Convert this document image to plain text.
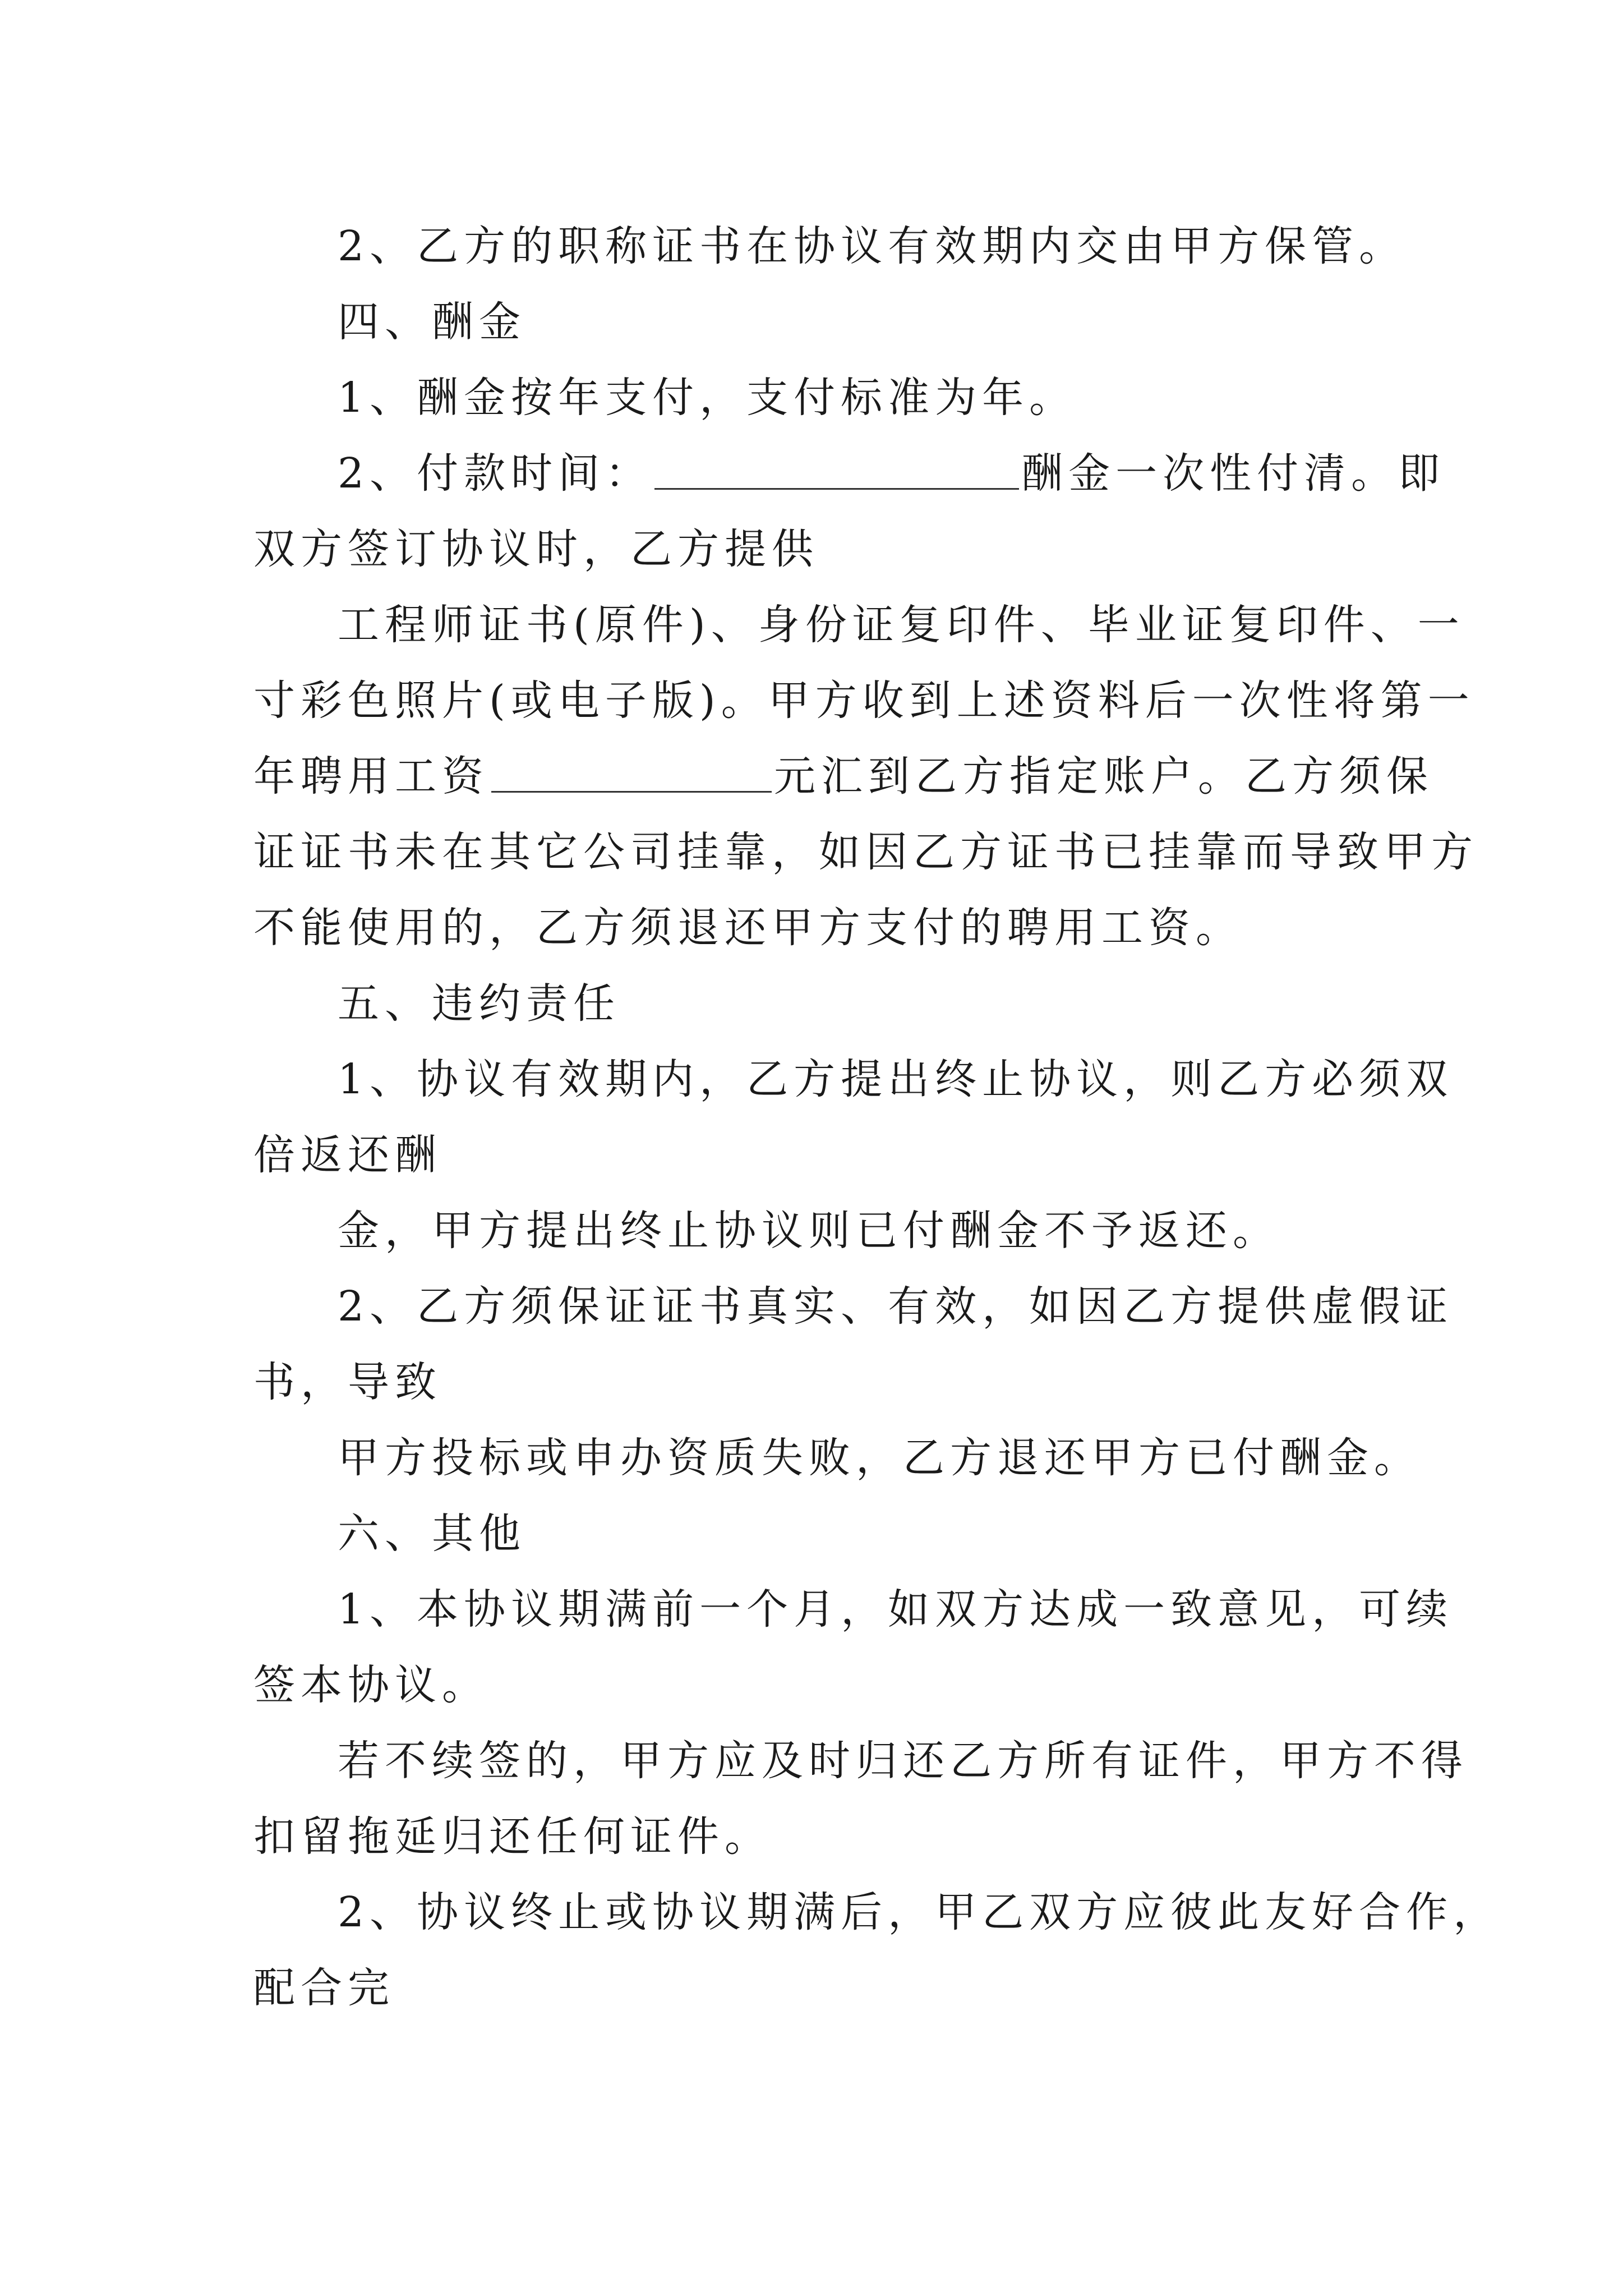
2、乙方的职称证书在协议有效期内交由甲方保管。
四、酬金
1、酬金按年支付，支付标准为年。
2、付款时间：	酬金一次性付清。即
双方签订协议时，乙方提供
工程师证书(原件)、身份证复印件、毕业证复印件、一
寸彩色照片(或电子版)。甲方收到上述资料后一次性将第一
年聘用工资	元汇到乙方指定账户。乙方须保
证证书未在其它公司挂靠，如因乙方证书已挂靠而导致甲方
不能使用的，乙方须退还甲方支付的聘用工资。
五、违约责任
1、协议有效期内，乙方提出终止协议，则乙方必须双
倍返还酬
金，甲方提出终止协议则已付酬金不予返还。
2、乙方须保证证书真实、有效，如因乙方提供虚假证
书，导致
甲方投标或申办资质失败，乙方退还甲方已付酬金。
六、其他
1、本协议期满前一个月，如双方达成一致意见，可续
签本协议。
若不续签的，甲方应及时归还乙方所有证件，甲方不得
扣留拖延归还任何证件。
2、协议终止或协议期满后，甲乙双方应彼此友好合作，
配合完
